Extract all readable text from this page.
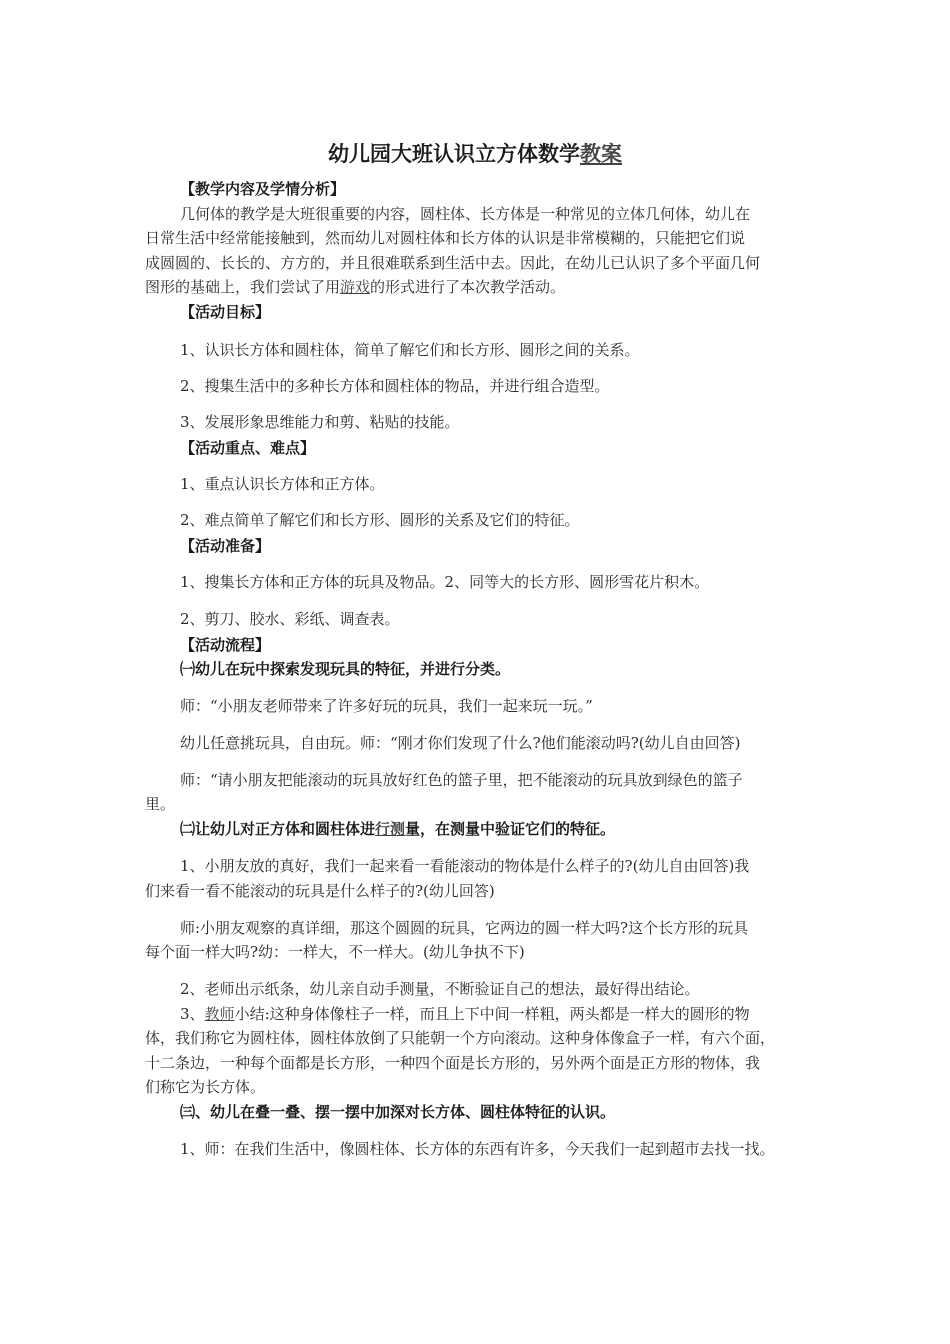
幼儿园大班认识立方体数学教案
【教学内容及学情分析】
几何体的教学是大班很重要的内容，圆柱体、长方体是一种常见的立体几何体，幼儿在
日常生活中经常能接触到，然而幼儿对圆柱体和长方体的认识是非常模糊的，只能把它们说
成圆圆的、长长的、方方的，并且很难联系到生活中去。因此，在幼儿已认识了多个平面几何
图形的基础上，我们尝试了用游戏的形式进行了本次教学活动。
【活动目标】
1、认识长方体和圆柱体，简单了解它们和长方形、圆形之间的关系。
2、搜集生活中的多种长方体和圆柱体的物品，并进行组合造型。
3、发展形象思维能力和剪、粘贴的技能。
【活动重点、难点】
1、重点认识长方体和正方体。
2、难点简单了解它们和长方形、圆形的关系及它们的特征。
【活动准备】
1、搜集长方体和正方体的玩具及物品。2、同等大的长方形、圆形雪花片积木。
2、剪刀、胶水、彩纸、调查表。
【活动流程】
㈠幼儿在玩中探索发现玩具的特征，并进行分类。
师：“小朋友老师带来了许多好玩的玩具，我们一起来玩一玩。”
幼儿任意挑玩具，自由玩。师：“刚才你们发现了什么?他们能滚动吗?(幼儿自由回答)
师：“请小朋友把能滚动的玩具放好红色的篮子里，把不能滚动的玩具放到绿色的篮子
里。
㈡让幼儿对正方体和圆柱体进行测量，在测量中验证它们的特征。
1、小朋友放的真好，我们一起来看一看能滚动的物体是什么样子的?(幼儿自由回答)我
们来看一看不能滚动的玩具是什么样子的?(幼儿回答)
师:小朋友观察的真详细，那这个圆圆的玩具，它两边的圆一样大吗?这个长方形的玩具
每个面一样大吗?幼：一样大，不一样大。(幼儿争执不下)
2、老师出示纸条，幼儿亲自动手测量，不断验证自己的想法，最好得出结论。
3、教师小结:这种身体像柱子一样，而且上下中间一样粗，两头都是一样大的圆形的物
体，我们称它为圆柱体，圆柱体放倒了只能朝一个方向滚动。这种身体像盒子一样，有六个面，
十二条边，一种每个面都是长方形，一种四个面是长方形的，另外两个面是正方形的物体，我
们称它为长方体。
㈢、幼儿在叠一叠、摆一摆中加深对长方体、圆柱体特征的认识。
1、师：在我们生活中，像圆柱体、长方体的东西有许多，今天我们一起到超市去找一找。
